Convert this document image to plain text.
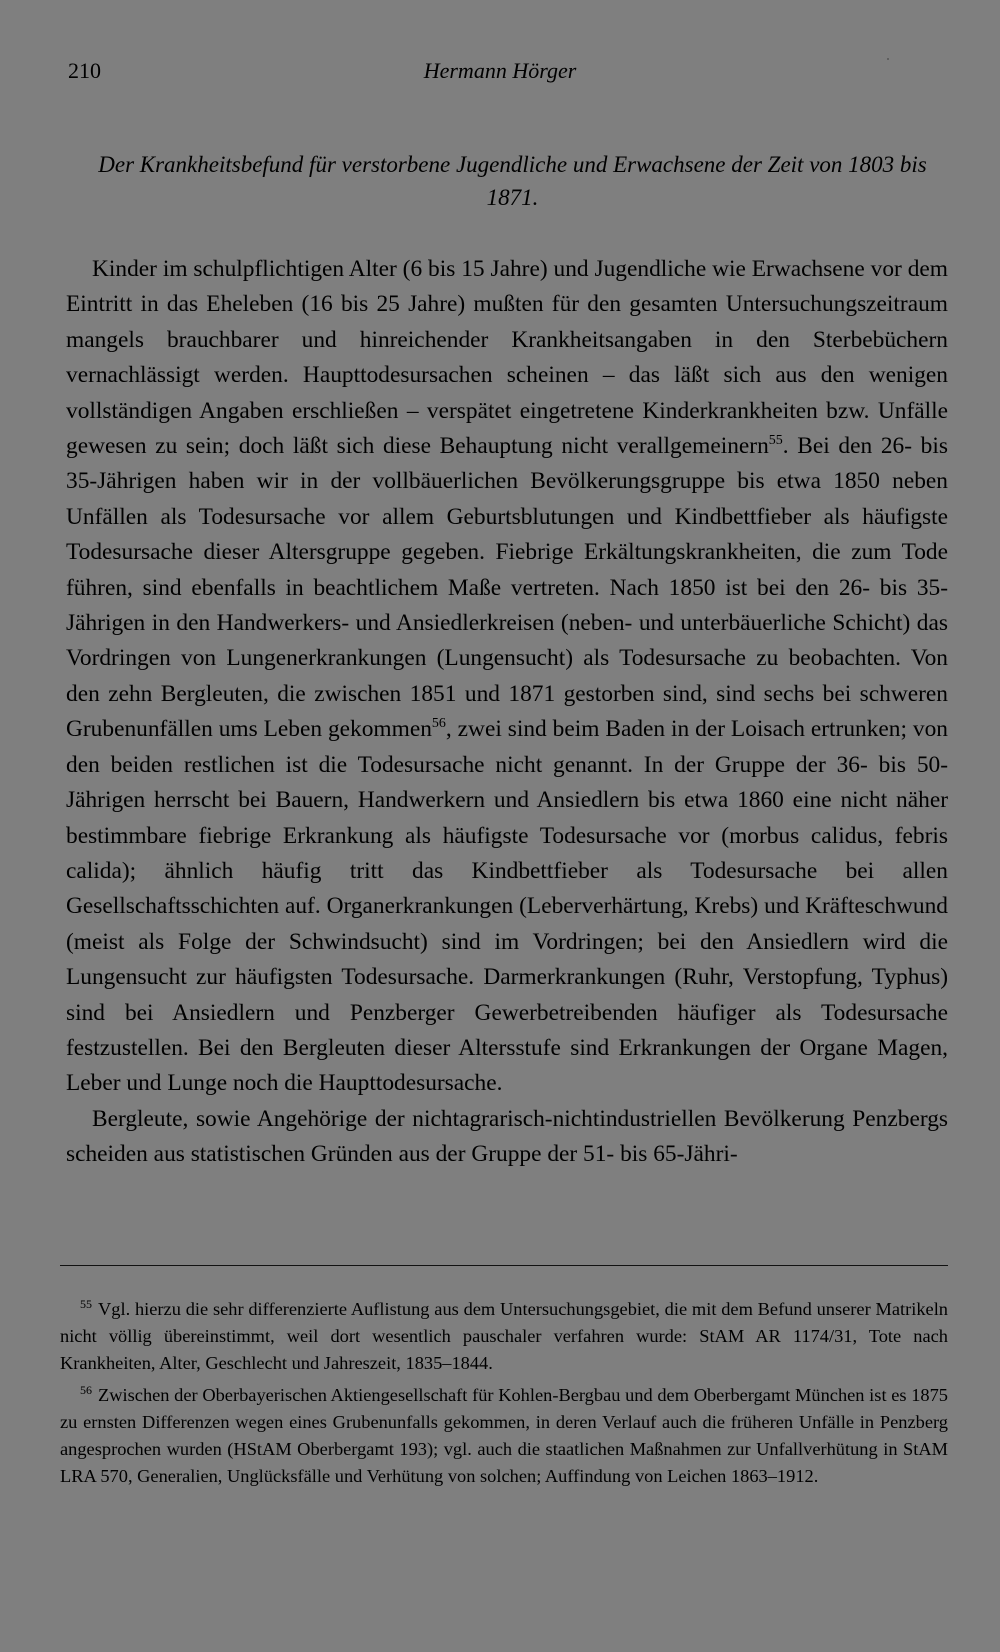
210	Hermann Hörger
Der Krankheitsbefund für verstorbene Jugendliche und Erwachsene der Zeit von 1803 bis 1871.

Kinder im schulpflichtigen Alter (6 bis 15 Jahre) und Jugendliche wie Erwachsene vor dem Eintritt in das Eheleben (16 bis 25 Jahre) mußten für den gesamten Untersuchungszeitraum mangels brauchbarer und hinreichender Krankheitsangaben in den Sterbebüchern vernachlässigt werden. Haupttodesursachen scheinen – das läßt sich aus den wenigen vollständigen Angaben erschließen – verspätet eingetretene Kinderkrankheiten bzw. Unfälle gewesen zu sein; doch läßt sich diese Behauptung nicht verallgemeinern$^{55}$. Bei den 26- bis 35-Jährigen haben wir in der vollbäuerlichen Bevölkerungsgruppe bis etwa 1850 neben Unfällen als Todesursache vor allem Geburtsblutungen und Kindbettfieber als häufigste Todesursache dieser Altersgruppe gegeben. Fiebrige Erkältungskrankheiten, die zum Tode führen, sind ebenfalls in beachtlichem Maße vertreten. Nach 1850 ist bei den 26- bis 35-Jährigen in den Handwerkers- und Ansiedlerkreisen (neben- und unterbäuerliche Schicht) das Vordringen von Lungenerkrankungen (Lungensucht) als Todesursache zu beobachten. Von den zehn Bergleuten, die zwischen 1851 und 1871 gestorben sind, sind sechs bei schweren Grubenunfällen ums Leben gekommen$^{56}$, zwei sind beim Baden in der Loisach ertrunken; von den beiden restlichen ist die Todesursache nicht genannt. In der Gruppe der 36- bis 50-Jährigen herrscht bei Bauern, Handwerkern und Ansiedlern bis etwa 1860 eine nicht näher bestimmbare fiebrige Erkrankung als häufigste Todesursache vor (morbus calidus, febris calida); ähnlich häufig tritt das Kindbettfieber als Todesursache bei allen Gesellschaftsschichten auf. Organerkrankungen (Leberverhärtung, Krebs) und Kräfteschwund (meist als Folge der Schwindsucht) sind im Vordringen; bei den Ansiedlern wird die Lungensucht zur häufigsten Todesursache. Darmerkrankungen (Ruhr, Verstopfung, Typhus) sind bei Ansiedlern und Penzberger Gewerbetreibenden häufiger als Todesursache festzustellen. Bei den Bergleuten dieser Altersstufe sind Erkrankungen der Organe Magen, Leber und Lunge noch die Haupttodesursache.

Bergleute, sowie Angehörige der nichtagrarisch-nichtindustriellen Bevölkerung Penzbergs scheiden aus statistischen Gründen aus der Gruppe der 51- bis 65-Jähri-

$^{55}$ Vgl. hierzu die sehr differenzierte Auflistung aus dem Untersuchungsgebiet, die mit dem Befund unserer Matrikeln nicht völlig übereinstimmt, weil dort wesentlich pauschaler verfahren wurde: StAM AR 1174/31, Tote nach Krankheiten, Alter, Geschlecht und Jahreszeit, 1835–1844.

$^{56}$ Zwischen der Oberbayerischen Aktiengesellschaft für Kohlen-Bergbau und dem Oberbergamt München ist es 1875 zu ernsten Differenzen wegen eines Grubenunfalls gekommen, in deren Verlauf auch die früheren Unfälle in Penzberg angesprochen wurden (HStAM Oberbergamt 193); vgl. auch die staatlichen Maßnahmen zur Unfallverhütung in StAM LRA 570, Generalien, Unglücksfälle und Verhütung von solchen; Auffindung von Leichen 1863–1912.
